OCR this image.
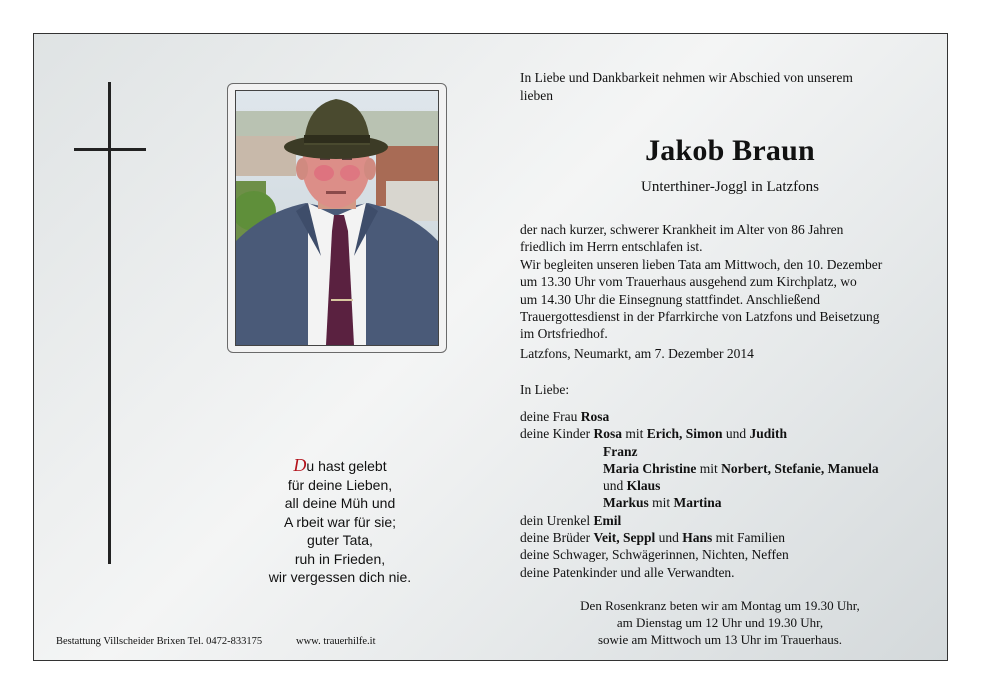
Du hast gelebt
für deine Lieben,
all deine Müh und
A rbeit war für sie;
guter Tata,
ruh in Frieden,
wir vergessen dich nie.
Bestattung Villscheider Brixen Tel. 0472-833175	www. trauerhilfe.it
In Liebe und Dankbarkeit nehmen wir Abschied von unserem
lieben
Jakob Braun
Unterthiner-Joggl in Latzfons
der nach kurzer, schwerer Krankheit im Alter von 86 Jahren
friedlich im Herrn entschlafen ist.
Wir begleiten unseren lieben Tata am Mittwoch, den 10. Dezember
um 13.30 Uhr vom Trauerhaus ausgehend zum Kirchplatz, wo
um 14.30 Uhr die Einsegnung stattfindet. Anschließend
Trauergottesdienst in der Pfarrkirche von Latzfons und Beisetzung
im Ortsfriedhof.
Latzfons, Neumarkt, am 7. Dezember 2014
In Liebe:
deine Frau Rosa
deine Kinder Rosa mit Erich, Simon und Judith
Franz
Maria Christine mit Norbert, Stefanie, Manuela
und Klaus
Markus mit Martina
dein Urenkel Emil
deine Brüder Veit, Seppl und Hans mit Familien
deine Schwager, Schwägerinnen, Nichten, Neffen
deine Patenkinder und alle Verwandten.
Den Rosenkranz beten wir am Montag um 19.30 Uhr,
am Dienstag um 12 Uhr und 19.30 Uhr,
sowie am Mittwoch um 13 Uhr im Trauerhaus.
